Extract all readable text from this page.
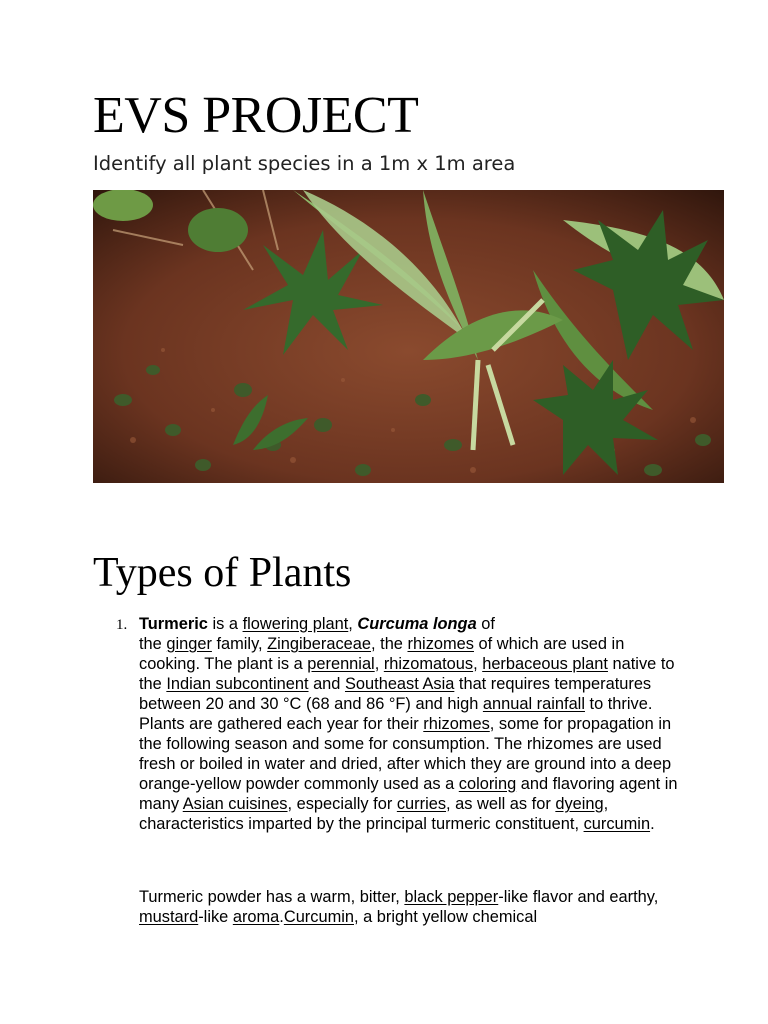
EVS PROJECT

Identify all plant species in a 1m x 1m area

Types of Plants
1. Turmeric is a flowering plant, Curcuma longa of
the ginger family, Zingiberaceae, the rhizomes of which are used in cooking. The plant is a perennial, rhizomatous, herbaceous plant native to the Indian subcontinent and Southeast Asia that requires temperatures between 20 and 30 °C (68 and 86 °F) and high annual rainfall to thrive. Plants are gathered each year for their rhizomes, some for propagation in the following season and some for consumption. The rhizomes are used fresh or boiled in water and dried, after which they are ground into a deep orange-yellow powder commonly used as a coloring and flavoring agent in many Asian cuisines, especially for curries, as well as for dyeing, characteristics imparted by the principal turmeric constituent, curcumin.

Turmeric powder has a warm, bitter, black pepper-like flavor and earthy, mustard-like aroma.Curcumin, a bright yellow chemical
